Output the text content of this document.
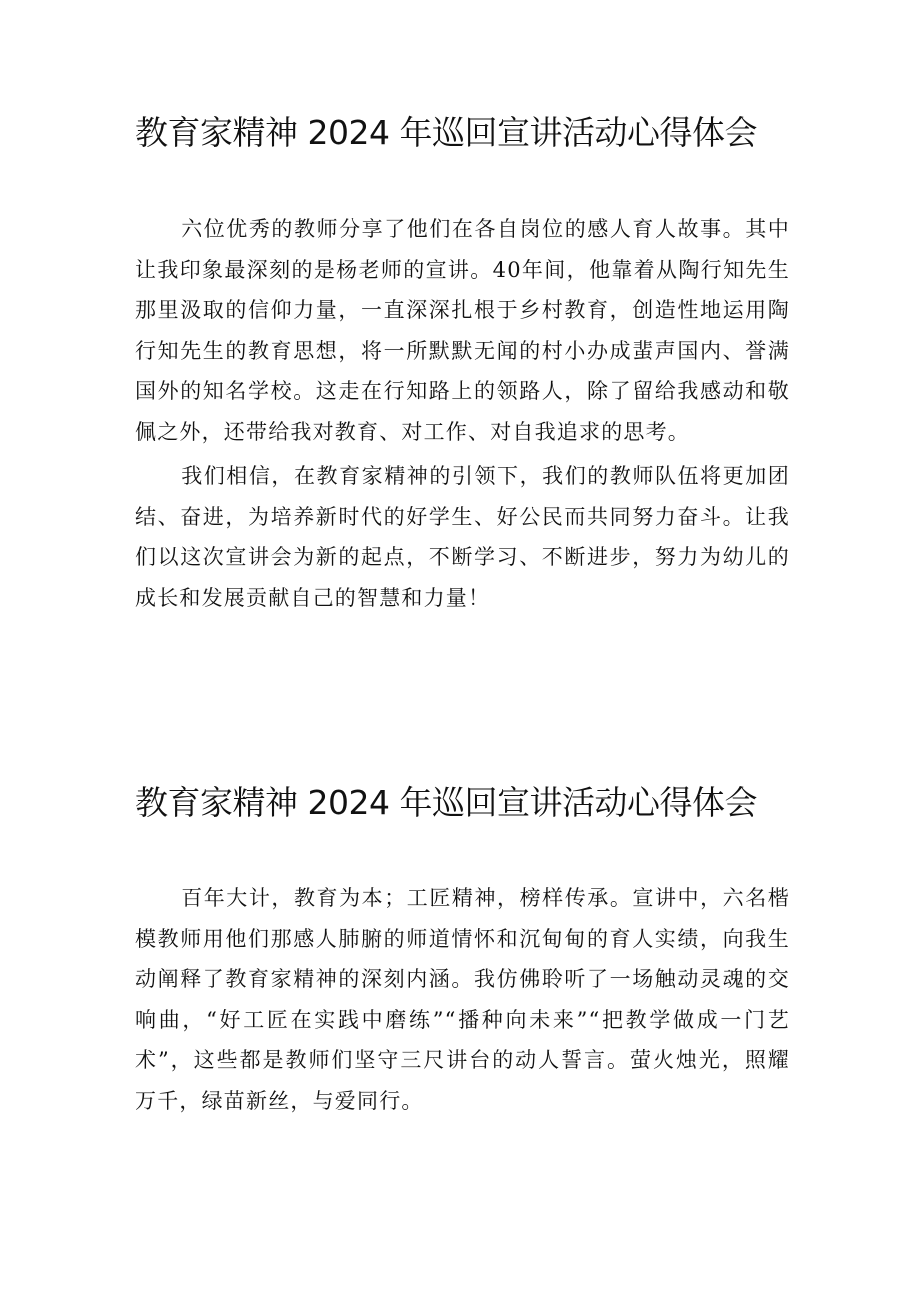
教育家精神 2024 年巡回宣讲活动心得体会

六位优秀的教师分享了他们在各自岗位的感人育人故事。其中让我印象最深刻的是杨老师的宣讲。40年间，他靠着从陶行知先生那里汲取的信仰力量，一直深深扎根于乡村教育，创造性地运用陶行知先生的教育思想，将一所默默无闻的村小办成蜚声国内、誉满国外的知名学校。这走在行知路上的领路人，除了留给我感动和敬佩之外，还带给我对教育、对工作、对自我追求的思考。

我们相信，在教育家精神的引领下，我们的教师队伍将更加团结、奋进，为培养新时代的好学生、好公民而共同努力奋斗。让我们以这次宣讲会为新的起点，不断学习、不断进步，努力为幼儿的成长和发展贡献自己的智慧和力量！

教育家精神 2024 年巡回宣讲活动心得体会

百年大计，教育为本；工匠精神，榜样传承。宣讲中，六名楷模教师用他们那感人肺腑的师道情怀和沉甸甸的育人实绩，向我生动阐释了教育家精神的深刻内涵。我仿佛聆听了一场触动灵魂的交响曲，“好工匠在实践中磨练”“播种向未来”“把教学做成一门艺术”，这些都是教师们坚守三尺讲台的动人誓言。萤火烛光，照耀万千，绿苗新丝，与爱同行。
